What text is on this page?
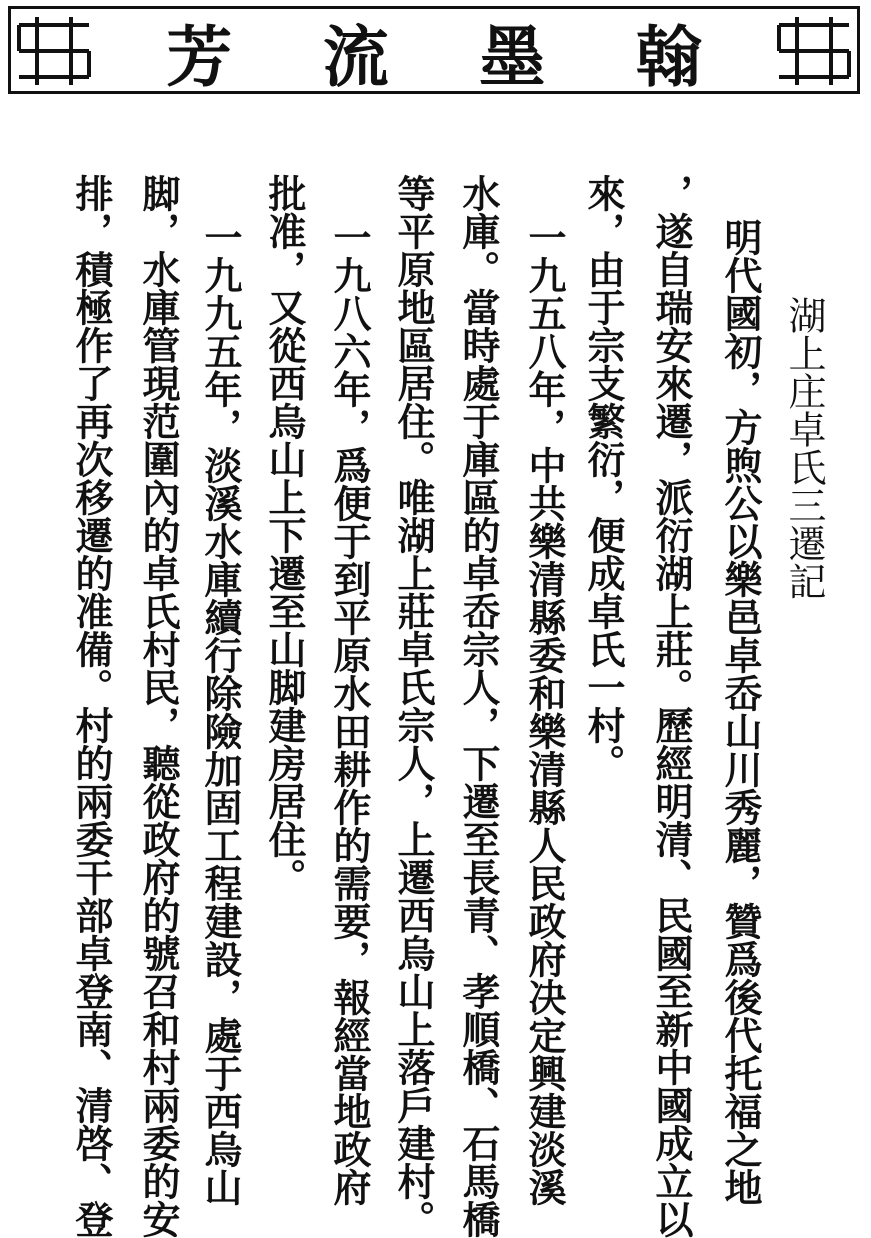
芳 流 墨 翰
湖上庄卓氏三遷記
明代國初，方煦公以樂邑卓岙山川秀麗，贊爲後代托福之地
，遂自瑞安來遷，派衍湖上莊。歷經明清、民國至新中國成立以
來，由于宗支繁衍，便成卓氏一村。
一九五八年，中共樂清縣委和樂清縣人民政府决定興建淡溪
水庫。當時處于庫區的卓岙宗人，下遷至長青、孝順橋、石馬橋
等平原地區居住。唯湖上莊卓氏宗人，上遷西烏山上落戶建村。
一九八六年，爲便于到平原水田耕作的需要，報經當地政府
批准，又從西烏山上下遷至山脚建房居住。
一九九五年，淡溪水庫續行除險加固工程建設，處于西烏山
脚，水庫管現范圍內的卓氏村民，聽從政府的號召和村兩委的安
排，積極作了再次移遷的准備。村的兩委干部卓登南、清啓、登
